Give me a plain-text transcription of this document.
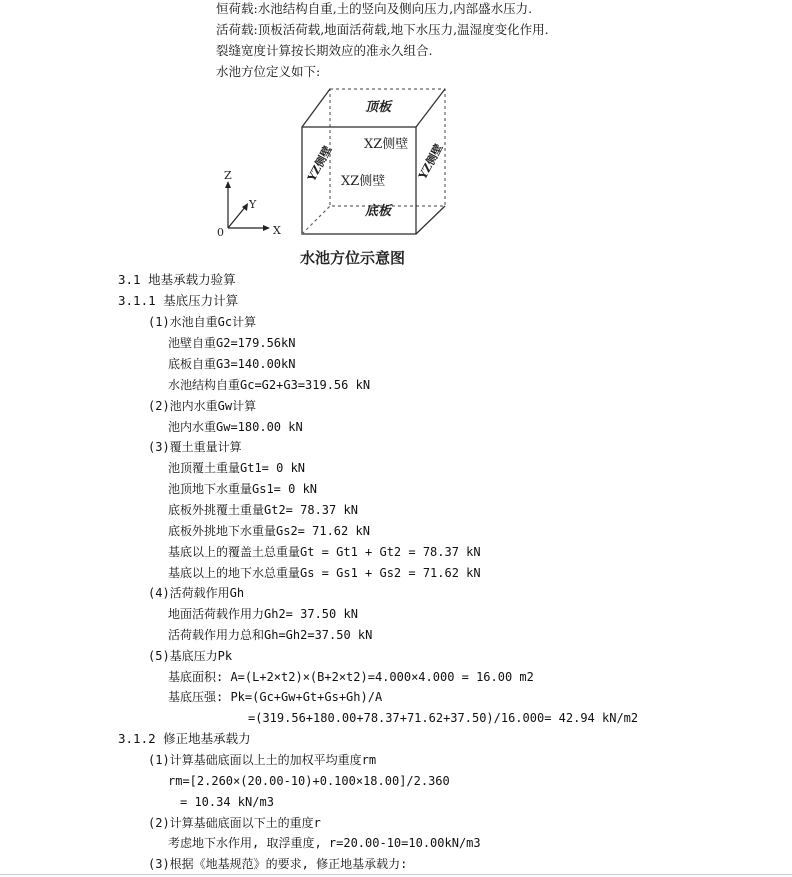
恒荷载:水池结构自重,土的竖向及侧向压力,内部盛水压力.
活荷载:顶板活荷载,地面活荷载,地下水压力,温湿度变化作用.
裂缝宽度计算按长期效应的准永久组合.
水池方位定义如下:
顶板
XZ侧壁
XZ侧壁
底板
YZ侧壁	YZ侧壁
Z
Y
X
0
水池方位示意图
3.1 地基承载力验算
3.1.1 基底压力计算
(1)水池自重Gc计算
池壁自重G2=179.56kN
底板自重G3=140.00kN
水池结构自重Gc=G2+G3=319.56 kN
(2)池内水重Gw计算
池内水重Gw=180.00 kN
(3)覆土重量计算
池顶覆土重量Gt1= 0 kN
池顶地下水重量Gs1= 0 kN
底板外挑覆土重量Gt2= 78.37 kN
底板外挑地下水重量Gs2= 71.62 kN
基底以上的覆盖土总重量Gt = Gt1 + Gt2 = 78.37 kN
基底以上的地下水总重量Gs = Gs1 + Gs2 = 71.62 kN
(4)活荷载作用Gh
地面活荷载作用力Gh2= 37.50 kN
活荷载作用力总和Gh=Gh2=37.50 kN
(5)基底压力Pk
基底面积: A=(L+2×t2)×(B+2×t2)=4.000×4.000 = 16.00 m2
基底压强: Pk=(Gc+Gw+Gt+Gs+Gh)/A
=(319.56+180.00+78.37+71.62+37.50)/16.000= 42.94 kN/m2
3.1.2 修正地基承载力
(1)计算基础底面以上土的加权平均重度rm
rm=[2.260×(20.00-10)+0.100×18.00]/2.360
= 10.34 kN/m3
(2)计算基础底面以下土的重度r
考虑地下水作用, 取浮重度, r=20.00-10=10.00kN/m3
(3)根据《地基规范》的要求, 修正地基承载力:
